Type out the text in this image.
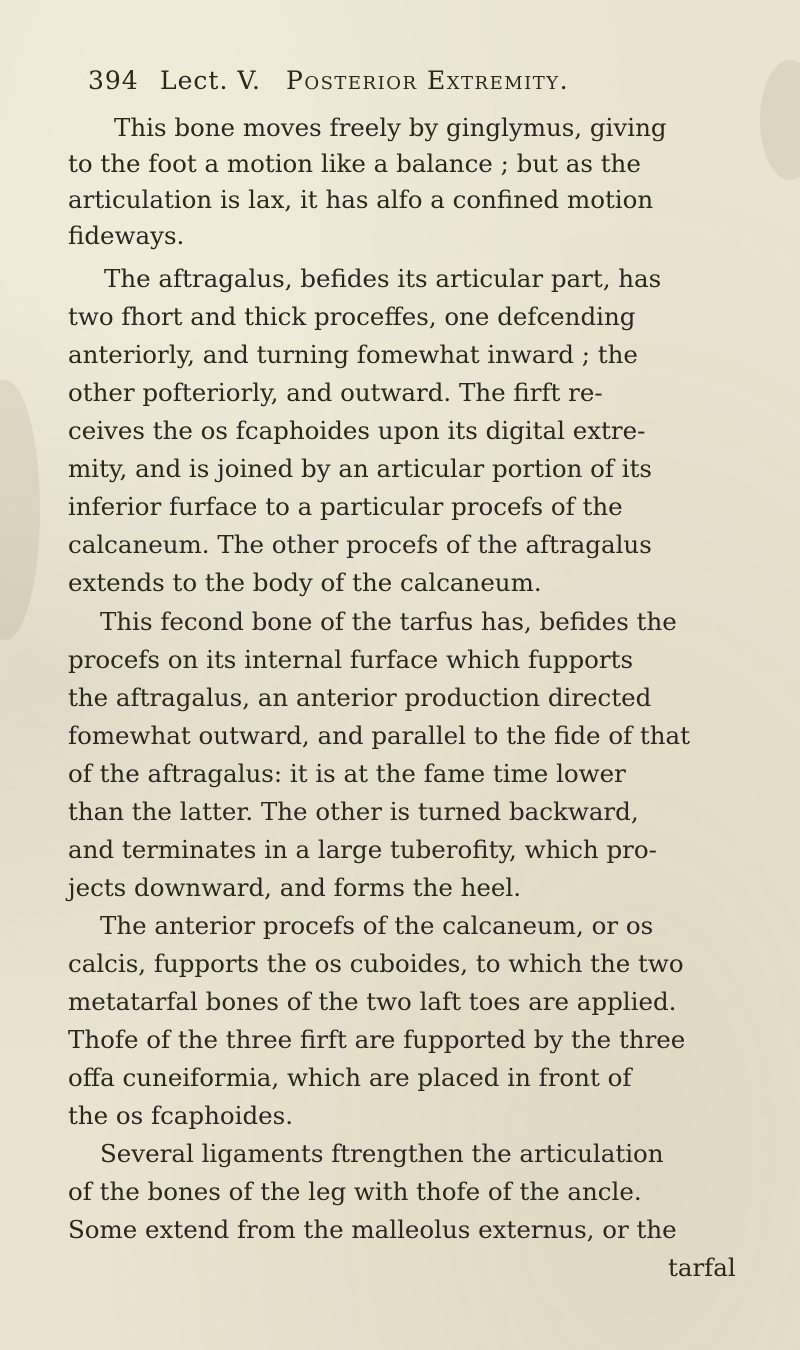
394 Lect. V. Posterior Extremity.
This bone moves freely by ginglymus, giving
to the foot a motion like a balance ; but as the
articulation is lax, it has alfo a confined motion
fideways.
The aftragalus, befides its articular part, has
two fhort and thick proceffes, one defcending
anteriorly, and turning fomewhat inward ; the
other pofteriorly, and outward. The firft re-
ceives the os fcaphoides upon its digital extre-
mity, and is joined by an articular portion of its
inferior furface to a particular procefs of the
calcaneum. The other procefs of the aftragalus
extends to the body of the calcaneum.
This fecond bone of the tarfus has, befides the
procefs on its internal furface which fupports
the aftragalus, an anterior production directed
fomewhat outward, and parallel to the fide of that
of the aftragalus: it is at the fame time lower
than the latter. The other is turned backward,
and terminates in a large tuberofity, which pro-
jects downward, and forms the heel.
The anterior procefs of the calcaneum, or os
calcis, fupports the os cuboides, to which the two
metatarfal bones of the two laft toes are applied.
Thofe of the three firft are fupported by the three
offa cuneiformia, which are placed in front of
the os fcaphoides.
Several ligaments ftrengthen the articulation
of the bones of the leg with thofe of the ancle.
Some extend from the malleolus externus, or the
tarfal
